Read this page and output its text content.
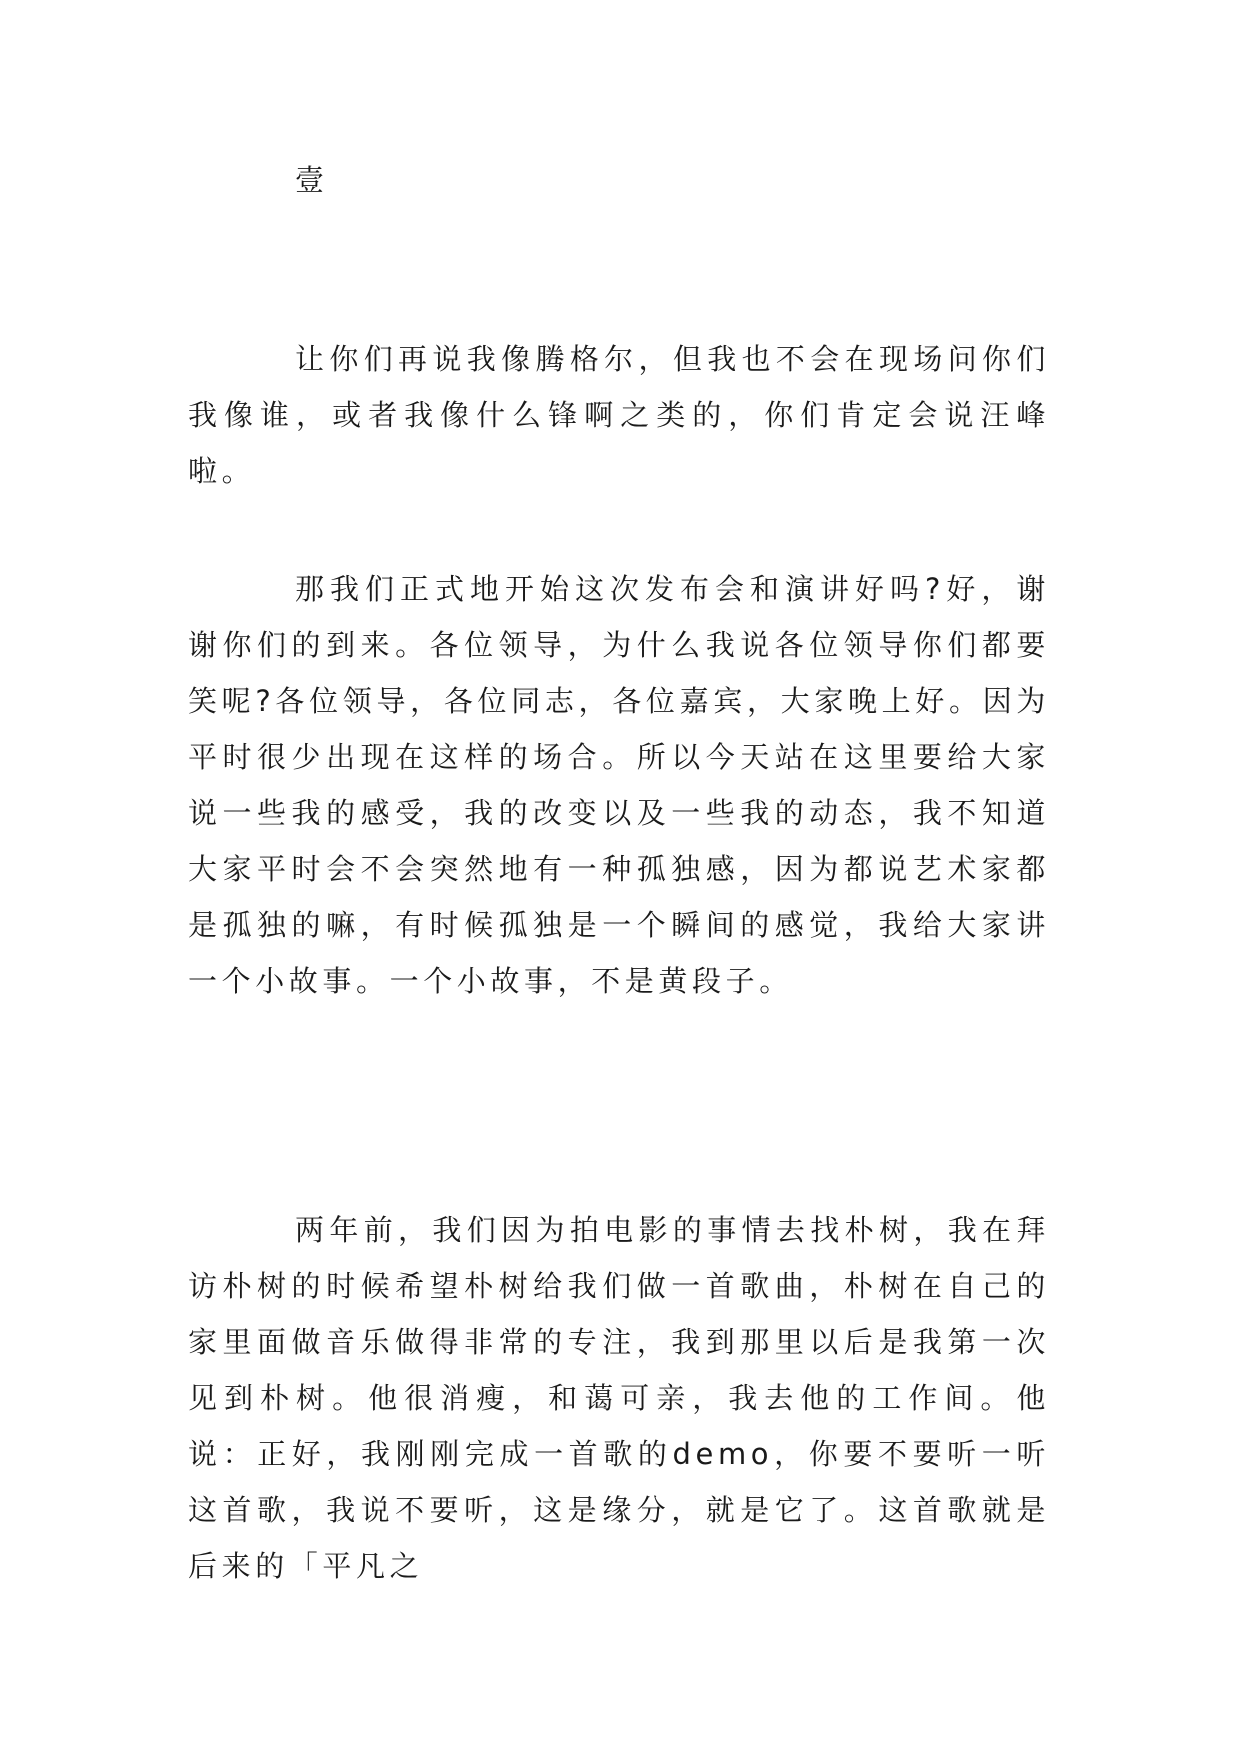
壹

让你们再说我像腾格尔，但我也不会在现场问你们我像谁，或者我像什么锋啊之类的，你们肯定会说汪峰啦。

那我们正式地开始这次发布会和演讲好吗?好，谢谢你们的到来。各位领导，为什么我说各位领导你们都要笑呢?各位领导，各位同志，各位嘉宾，大家晚上好。因为平时很少出现在这样的场合。所以今天站在这里要给大家说一些我的感受，我的改变以及一些我的动态，我不知道大家平时会不会突然地有一种孤独感，因为都说艺术家都是孤独的嘛，有时候孤独是一个瞬间的感觉，我给大家讲一个小故事。一个小故事，不是黄段子。

两年前，我们因为拍电影的事情去找朴树，我在拜访朴树的时候希望朴树给我们做一首歌曲，朴树在自己的家里面做音乐做得非常的专注，我到那里以后是我第一次见到朴树。他很消瘦，和蔼可亲，我去他的工作间。他说：正好，我刚刚完成一首歌的demo，你要不要听一听这首歌，我说不要听，这是缘分，就是它了。这首歌就是后来的「平凡之
